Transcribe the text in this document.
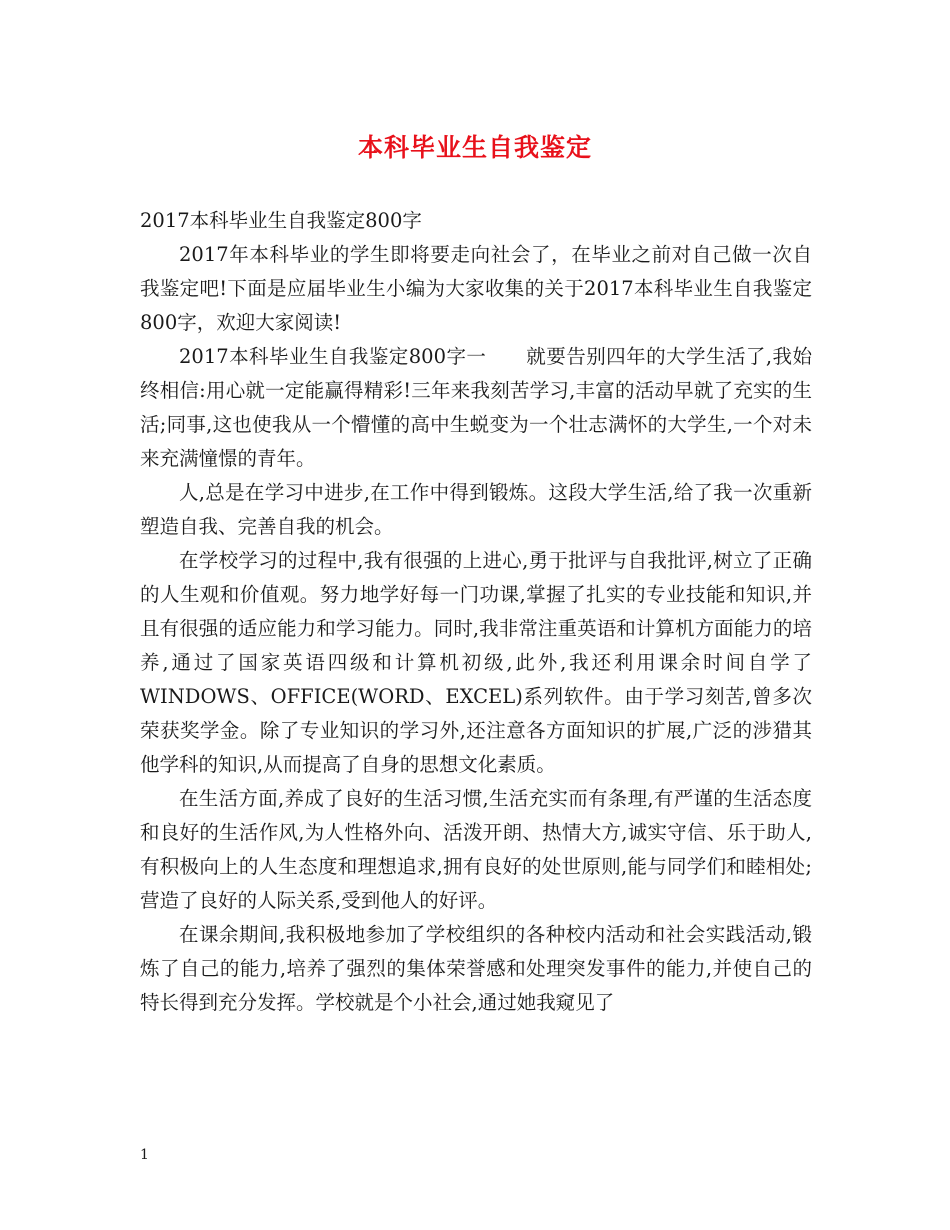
本科毕业生自我鉴定

2017本科毕业生自我鉴定800字

2017年本科毕业的学生即将要走向社会了，在毕业之前对自己做一次自我鉴定吧!下面是应届毕业生小编为大家收集的关于2017本科毕业生自我鉴定800字，欢迎大家阅读!

2017本科毕业生自我鉴定800字一　　就要告别四年的大学生活了,我始终相信:用心就一定能赢得精彩!三年来我刻苦学习,丰富的活动早就了充实的生活;同事,这也使我从一个懵懂的高中生蜕变为一个壮志满怀的大学生,一个对未来充满憧憬的青年。

人,总是在学习中进步,在工作中得到锻炼。这段大学生活,给了我一次重新塑造自我、完善自我的机会。

在学校学习的过程中,我有很强的上进心,勇于批评与自我批评,树立了正确的人生观和价值观。努力地学好每一门功课,掌握了扎实的专业技能和知识,并且有很强的适应能力和学习能力。同时,我非常注重英语和计算机方面能力的培养,通过了国家英语四级和计算机初级,此外,我还利用课余时间自学了WINDOWS、OFFICE(WORD、EXCEL)系列软件。由于学习刻苦,曾多次荣获奖学金。除了专业知识的学习外,还注意各方面知识的扩展,广泛的涉猎其他学科的知识,从而提高了自身的思想文化素质。

在生活方面,养成了良好的生活习惯,生活充实而有条理,有严谨的生活态度和良好的生活作风,为人性格外向、活泼开朗、热情大方,诚实守信、乐于助人,有积极向上的人生态度和理想追求,拥有良好的处世原则,能与同学们和睦相处;营造了良好的人际关系,受到他人的好评。

在课余期间,我积极地参加了学校组织的各种校内活动和社会实践活动,锻炼了自己的能力,培养了强烈的集体荣誉感和处理突发事件的能力,并使自己的特长得到充分发挥。学校就是个小社会,通过她我窥见了

1
